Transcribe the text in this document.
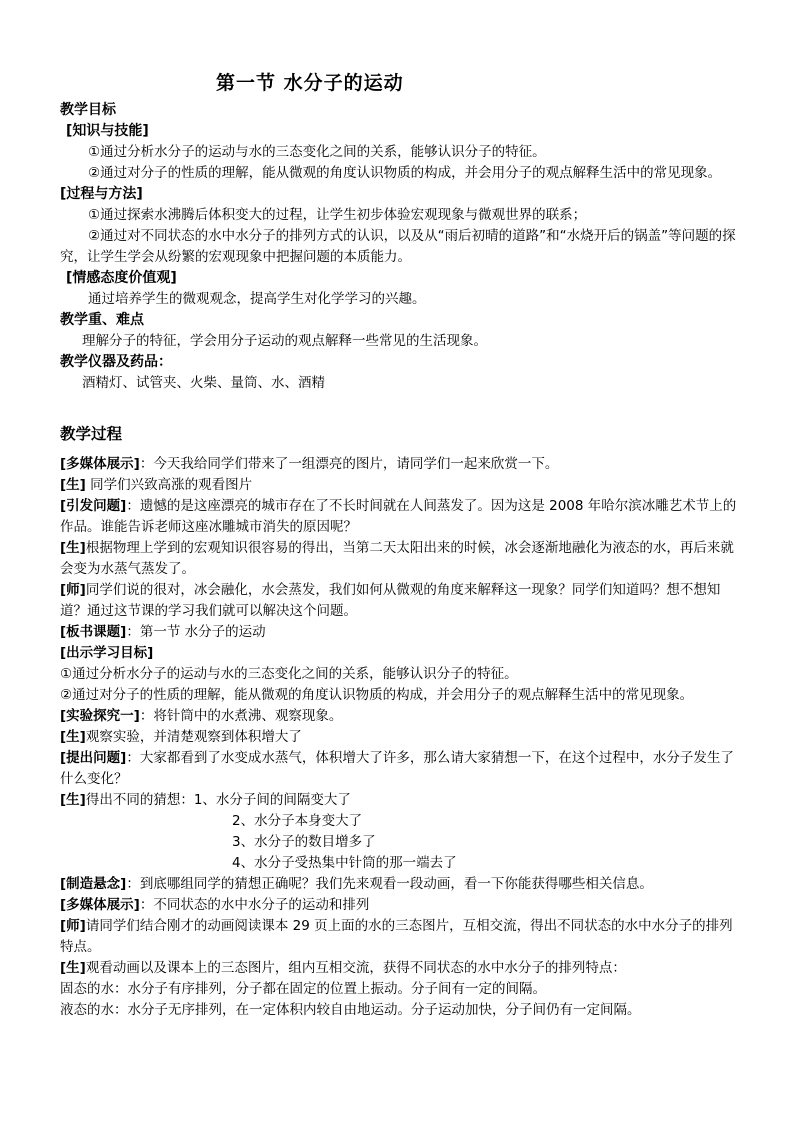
第一节 水分子的运动

教学目标

[知识与技能]

①通过分析水分子的运动与水的三态变化之间的关系，能够认识分子的特征。

②通过对分子的性质的理解，能从微观的角度认识物质的构成，并会用分子的观点解释生活中的常见现象。

[过程与方法]

①通过探索水沸腾后体积变大的过程，让学生初步体验宏观现象与微观世界的联系；

②通过对不同状态的水中水分子的排列方式的认识，以及从“雨后初晴的道路”和“水烧开后的锅盖”等问题的探究，让学生学会从纷繁的宏观现象中把握问题的本质能力。

[情感态度价值观]

通过培养学生的微观观念，提高学生对化学学习的兴趣。

教学重、难点

理解分子的特征，学会用分子运动的观点解释一些常见的生活现象。

教学仪器及药品：

酒精灯、试管夹、火柴、量筒、水、酒精

教学过程

[多媒体展示]：今天我给同学们带来了一组漂亮的图片，请同学们一起来欣赏一下。

[生] 同学们兴致高涨的观看图片

[引发问题]：遗憾的是这座漂亮的城市存在了不长时间就在人间蒸发了。因为这是 2008 年哈尔滨冰雕艺术节上的作品。谁能告诉老师这座冰雕城市消失的原因呢？

[生]根据物理上学到的宏观知识很容易的得出，当第二天太阳出来的时候，冰会逐渐地融化为液态的水，再后来就会变为水蒸气蒸发了。

[师]同学们说的很对，冰会融化，水会蒸发，我们如何从微观的角度来解释这一现象？同学们知道吗？想不想知道？通过这节课的学习我们就可以解决这个问题。

[板书课题]：第一节 水分子的运动

[出示学习目标]

①通过分析水分子的运动与水的三态变化之间的关系，能够认识分子的特征。

②通过对分子的性质的理解，能从微观的角度认识物质的构成，并会用分子的观点解释生活中的常见现象。

[实验探究一]：将针筒中的水煮沸、观察现象。

[生]观察实验，并清楚观察到体积增大了

[提出问题]：大家都看到了水变成水蒸气，体积增大了许多，那么请大家猜想一下，在这个过程中，水分子发生了什么变化？

[生]得出不同的猜想：1、水分子间的间隔变大了

2、水分子本身变大了

3、水分子的数目增多了

4、水分子受热集中针筒的那一端去了

[制造悬念]：到底哪组同学的猜想正确呢？我们先来观看一段动画，看一下你能获得哪些相关信息。

[多媒体展示]：不同状态的水中水分子的运动和排列

[师]请同学们结合刚才的动画阅读课本 29 页上面的水的三态图片，互相交流，得出不同状态的水中水分子的排列特点。

[生]观看动画以及课本上的三态图片，组内互相交流，获得不同状态的水中水分子的排列特点：

固态的水：水分子有序排列，分子都在固定的位置上振动。分子间有一定的间隔。

液态的水：水分子无序排列，在一定体积内较自由地运动。分子运动加快，分子间仍有一定间隔。
